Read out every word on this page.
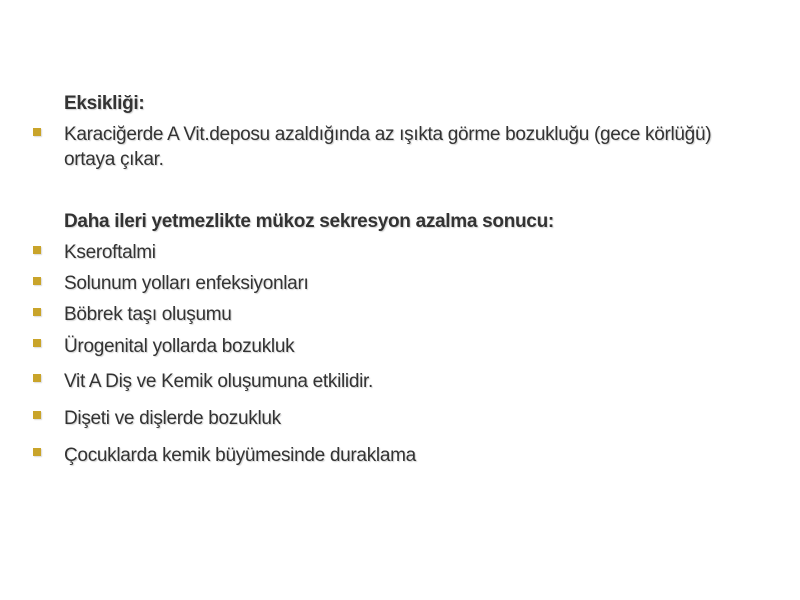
Eksikliği:
Karaciğerde A Vit.deposu azaldığında az ışıkta görme bozukluğu (gece körlüğü)
ortaya çıkar.
Daha ileri yetmezlikte mükoz sekresyon azalma sonucu:
Kseroftalmi
Solunum yolları enfeksiyonları
Böbrek taşı oluşumu
Ürogenital yollarda bozukluk
Vit A Diş ve Kemik oluşumuna etkilidir.
Dişeti ve dişlerde bozukluk
Çocuklarda kemik büyümesinde duraklama
